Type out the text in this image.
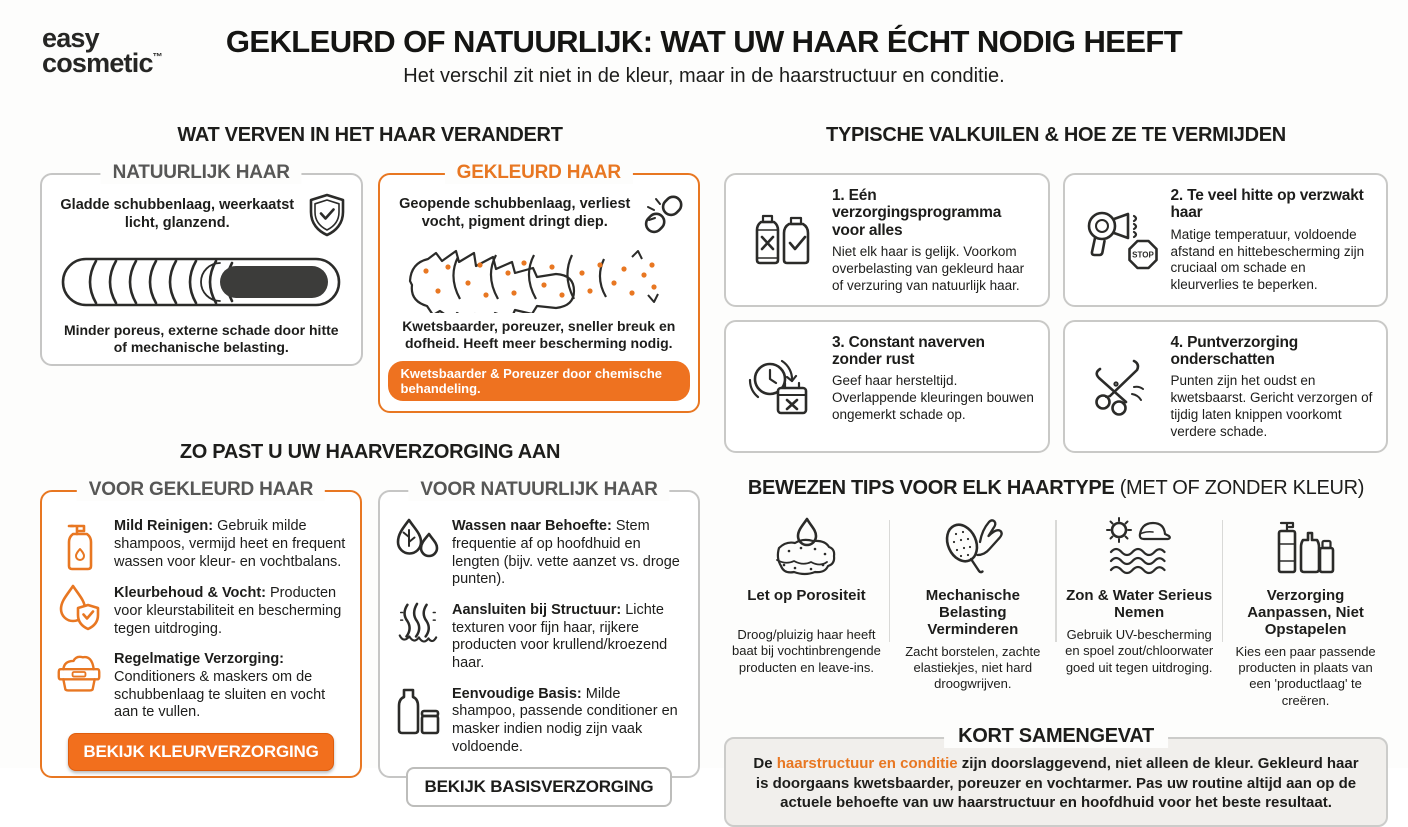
easy
cosmetic™	GEKLEURD OF NATUURLIJK: WAT UW HAAR ÉCHT NODIG HEEFT
Het verschil zit niet in de kleur, maar in de haarstructuur en conditie.
WAT VERVEN IN HET HAAR VERANDERT
NATUURLIJK HAAR
Gladde schubbenlaag, weerkaatst licht, glanzend.
Minder poreus, externe schade door hitte of mechanische belasting.
GEKLEURD HAAR
Geopende schubbenlaag, verliest vocht, pigment dringt diep.
Kwetsbaarder, poreuzer, sneller breuk en dofheid. Heeft meer bescherming nodig.
Kwetsbaarder & Poreuzer door chemische behandeling.
ZO PAST U UW HAARVERZORGING AAN
VOOR GEKLEURD HAAR
Mild Reinigen: Gebruik milde shampoos, vermijd heet en frequent wassen voor kleur- en vochtbalans.
Kleurbehoud & Vocht: Producten voor kleurstabiliteit en bescherming tegen uitdroging.
Regelmatige Verzorging: Conditioners & maskers om de schubbenlaag te sluiten en vocht aan te vullen.
BEKIJK KLEURVERZORGING
VOOR NATUURLIJK HAAR
Wassen naar Behoefte: Stem frequentie af op hoofdhuid en lengten (bijv. vette aanzet vs. droge punten).
Aansluiten bij Structuur: Lichte texturen voor fijn haar, rijkere producten voor krullend/kroezend haar.
Eenvoudige Basis: Milde shampoo, passende conditioner en masker indien nodig zijn vaak voldoende.
BEKIJK BASISVERZORGING
TYPISCHE VALKUILEN & HOE ZE TE VERMIJDEN
1. Eén verzorgingsprogramma voor alles
Niet elk haar is gelijk. Voorkom overbelasting van gekleurd haar of verzuring van natuurlijk haar.
STOP
2. Te veel hitte op verzwakt haar
Matige temperatuur, voldoende afstand en hittebescherming zijn cruciaal om schade en kleurverlies te beperken.
3. Constant naverven zonder rust
Geef haar hersteltijd. Overlappende kleuringen bouwen ongemerkt schade op.
4. Puntverzorging onderschatten
Punten zijn het oudst en kwetsbaarst. Gericht verzorgen of tijdig laten knippen voorkomt verdere schade.
BEWEZEN TIPS VOOR ELK HAARTYPE (MET OF ZONDER KLEUR)
Let op Porositeit
Droog/pluizig haar heeft baat bij vochtinbrengende producten en leave-ins.
Mechanische Belasting Verminderen
Zacht borstelen, zachte elastiekjes, niet hard droogwrijven.
Zon & Water Serieus Nemen
Gebruik UV-bescherming en spoel zout/chloorwater goed uit tegen uitdroging.
Verzorging Aanpassen, Niet Opstapelen
Kies een paar passende producten in plaats van een 'productlaag' te creëren.
KORT SAMENGEVAT
De haarstructuur en conditie zijn doorslaggevend, niet alleen de kleur. Gekleurd haar is doorgaans kwetsbaarder, poreuzer en vochtarmer. Pas uw routine altijd aan op de actuele behoefte van uw haarstructuur en hoofdhuid voor het beste resultaat.
